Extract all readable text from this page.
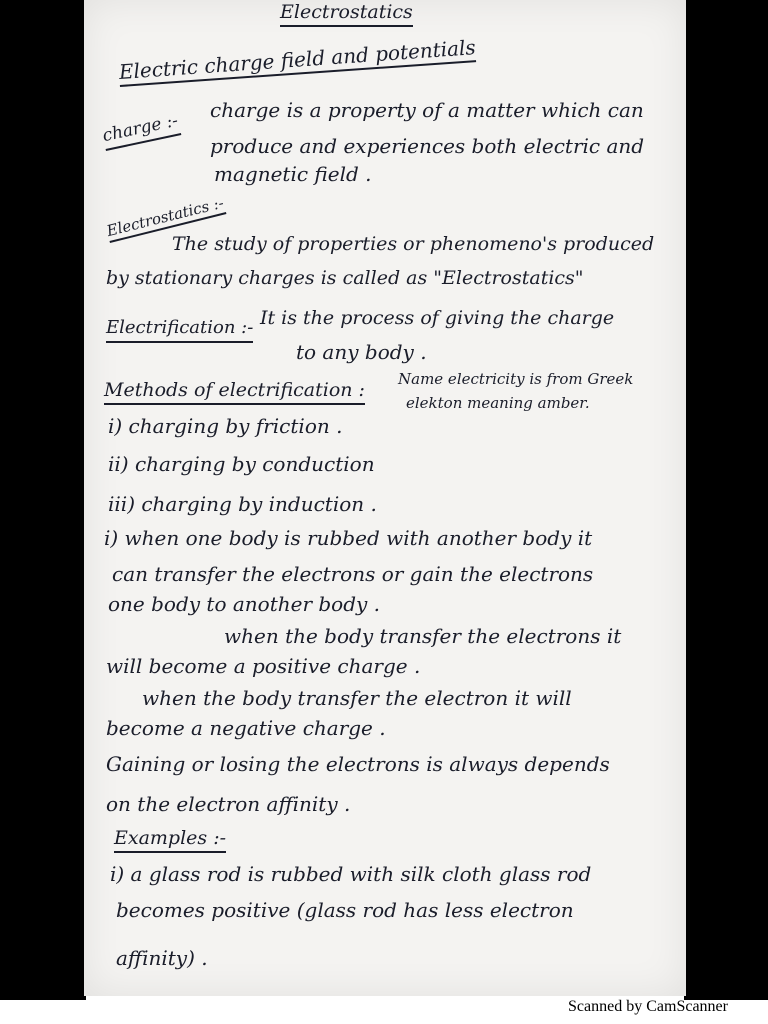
Electrostatics
Electric charge field and potentials
charge :-
charge is a property of a matter which can
produce and experiences both electric and
magnetic field .
Electrostatics :-
The study of properties or phenomeno's produced
by stationary charges is called as "Electrostatics"
Electrification :- It is the process of giving the charge
to any body .
Methods of electrification : Name electricity is from Greek
elekton meaning amber.
i) charging by friction .
ii) charging by conduction
iii) charging by induction .
i) when one body is rubbed with another body it
can transfer the electrons or gain the electrons
one body to another body .
when the body transfer the electrons it
will become a positive charge .
when the body transfer the electron it will
become a negative charge .
Gaining or losing the electrons is always depends
on the electron affinity .
Examples :-
i) a glass rod is rubbed with silk cloth glass rod
becomes positive (glass rod has less electron
affinity) .
Scanned by CamScanner
